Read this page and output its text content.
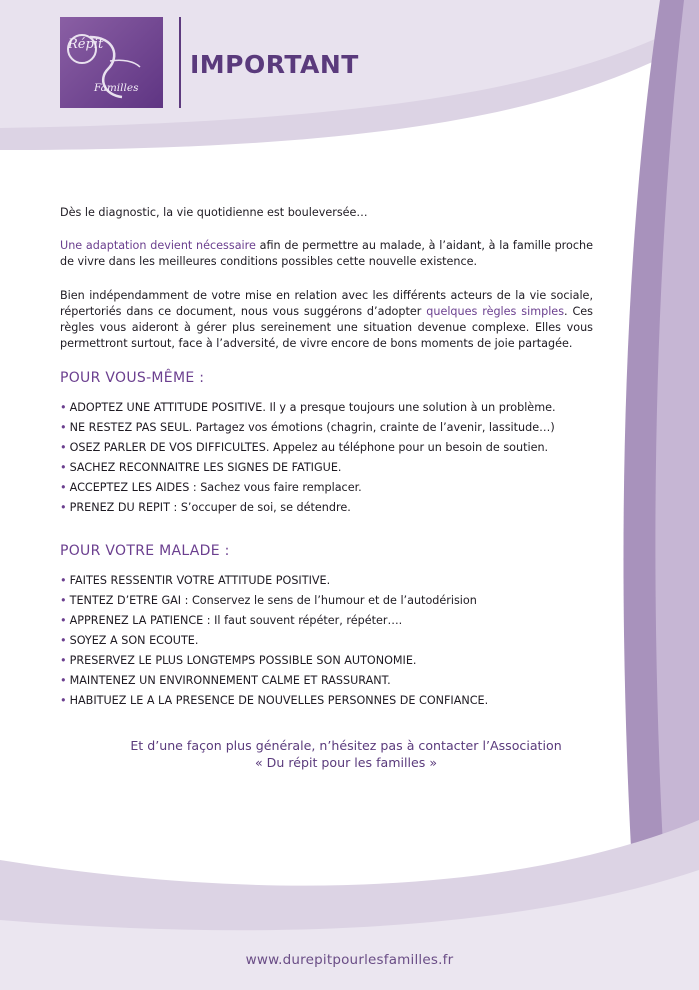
Répit
Familles
IMPORTANT

Dès le diagnostic, la vie quotidienne est bouleversée…

Une adaptation devient nécessaire afin de permettre au malade, à l’aidant, à la famille proche de vivre dans les meilleures conditions possibles cette nouvelle existence.

Bien indépendamment de votre mise en relation avec les différents acteurs de la vie sociale, répertoriés dans ce document, nous vous suggérons d’adopter quelques règles simples. Ces règles vous aideront à gérer plus sereinement une situation devenue complexe. Elles vous permettront surtout, face à l’adversité, de vivre encore de bons moments de joie partagée.

POUR VOUS-MÊME :
• ADOPTEZ UNE ATTITUDE POSITIVE. Il y a presque toujours une solution à un problème.
• NE RESTEZ PAS SEUL. Partagez vos émotions (chagrin, crainte de l’avenir, lassitude…)
• OSEZ PARLER DE VOS DIFFICULTES. Appelez au téléphone pour un besoin de soutien.
• SACHEZ RECONNAITRE LES SIGNES DE FATIGUE.
• ACCEPTEZ LES AIDES : Sachez vous faire remplacer.
• PRENEZ DU REPIT : S’occuper de soi, se détendre.
POUR VOTRE MALADE :
• FAITES RESSENTIR VOTRE ATTITUDE POSITIVE.
• TENTEZ D’ETRE GAI : Conservez le sens de l’humour et de l’autodérision
• APPRENEZ LA PATIENCE : Il faut souvent répéter, répéter….
• SOYEZ A SON ECOUTE.
• PRESERVEZ LE PLUS LONGTEMPS POSSIBLE SON AUTONOMIE.
• MAINTENEZ UN ENVIRONNEMENT CALME ET RASSURANT.
• HABITUEZ LE A LA PRESENCE DE NOUVELLES PERSONNES DE CONFIANCE.
Et d’une façon plus générale, n’hésitez pas à contacter l’Association
« Du répit pour les familles »
www.durepitpourlesfamilles.fr
